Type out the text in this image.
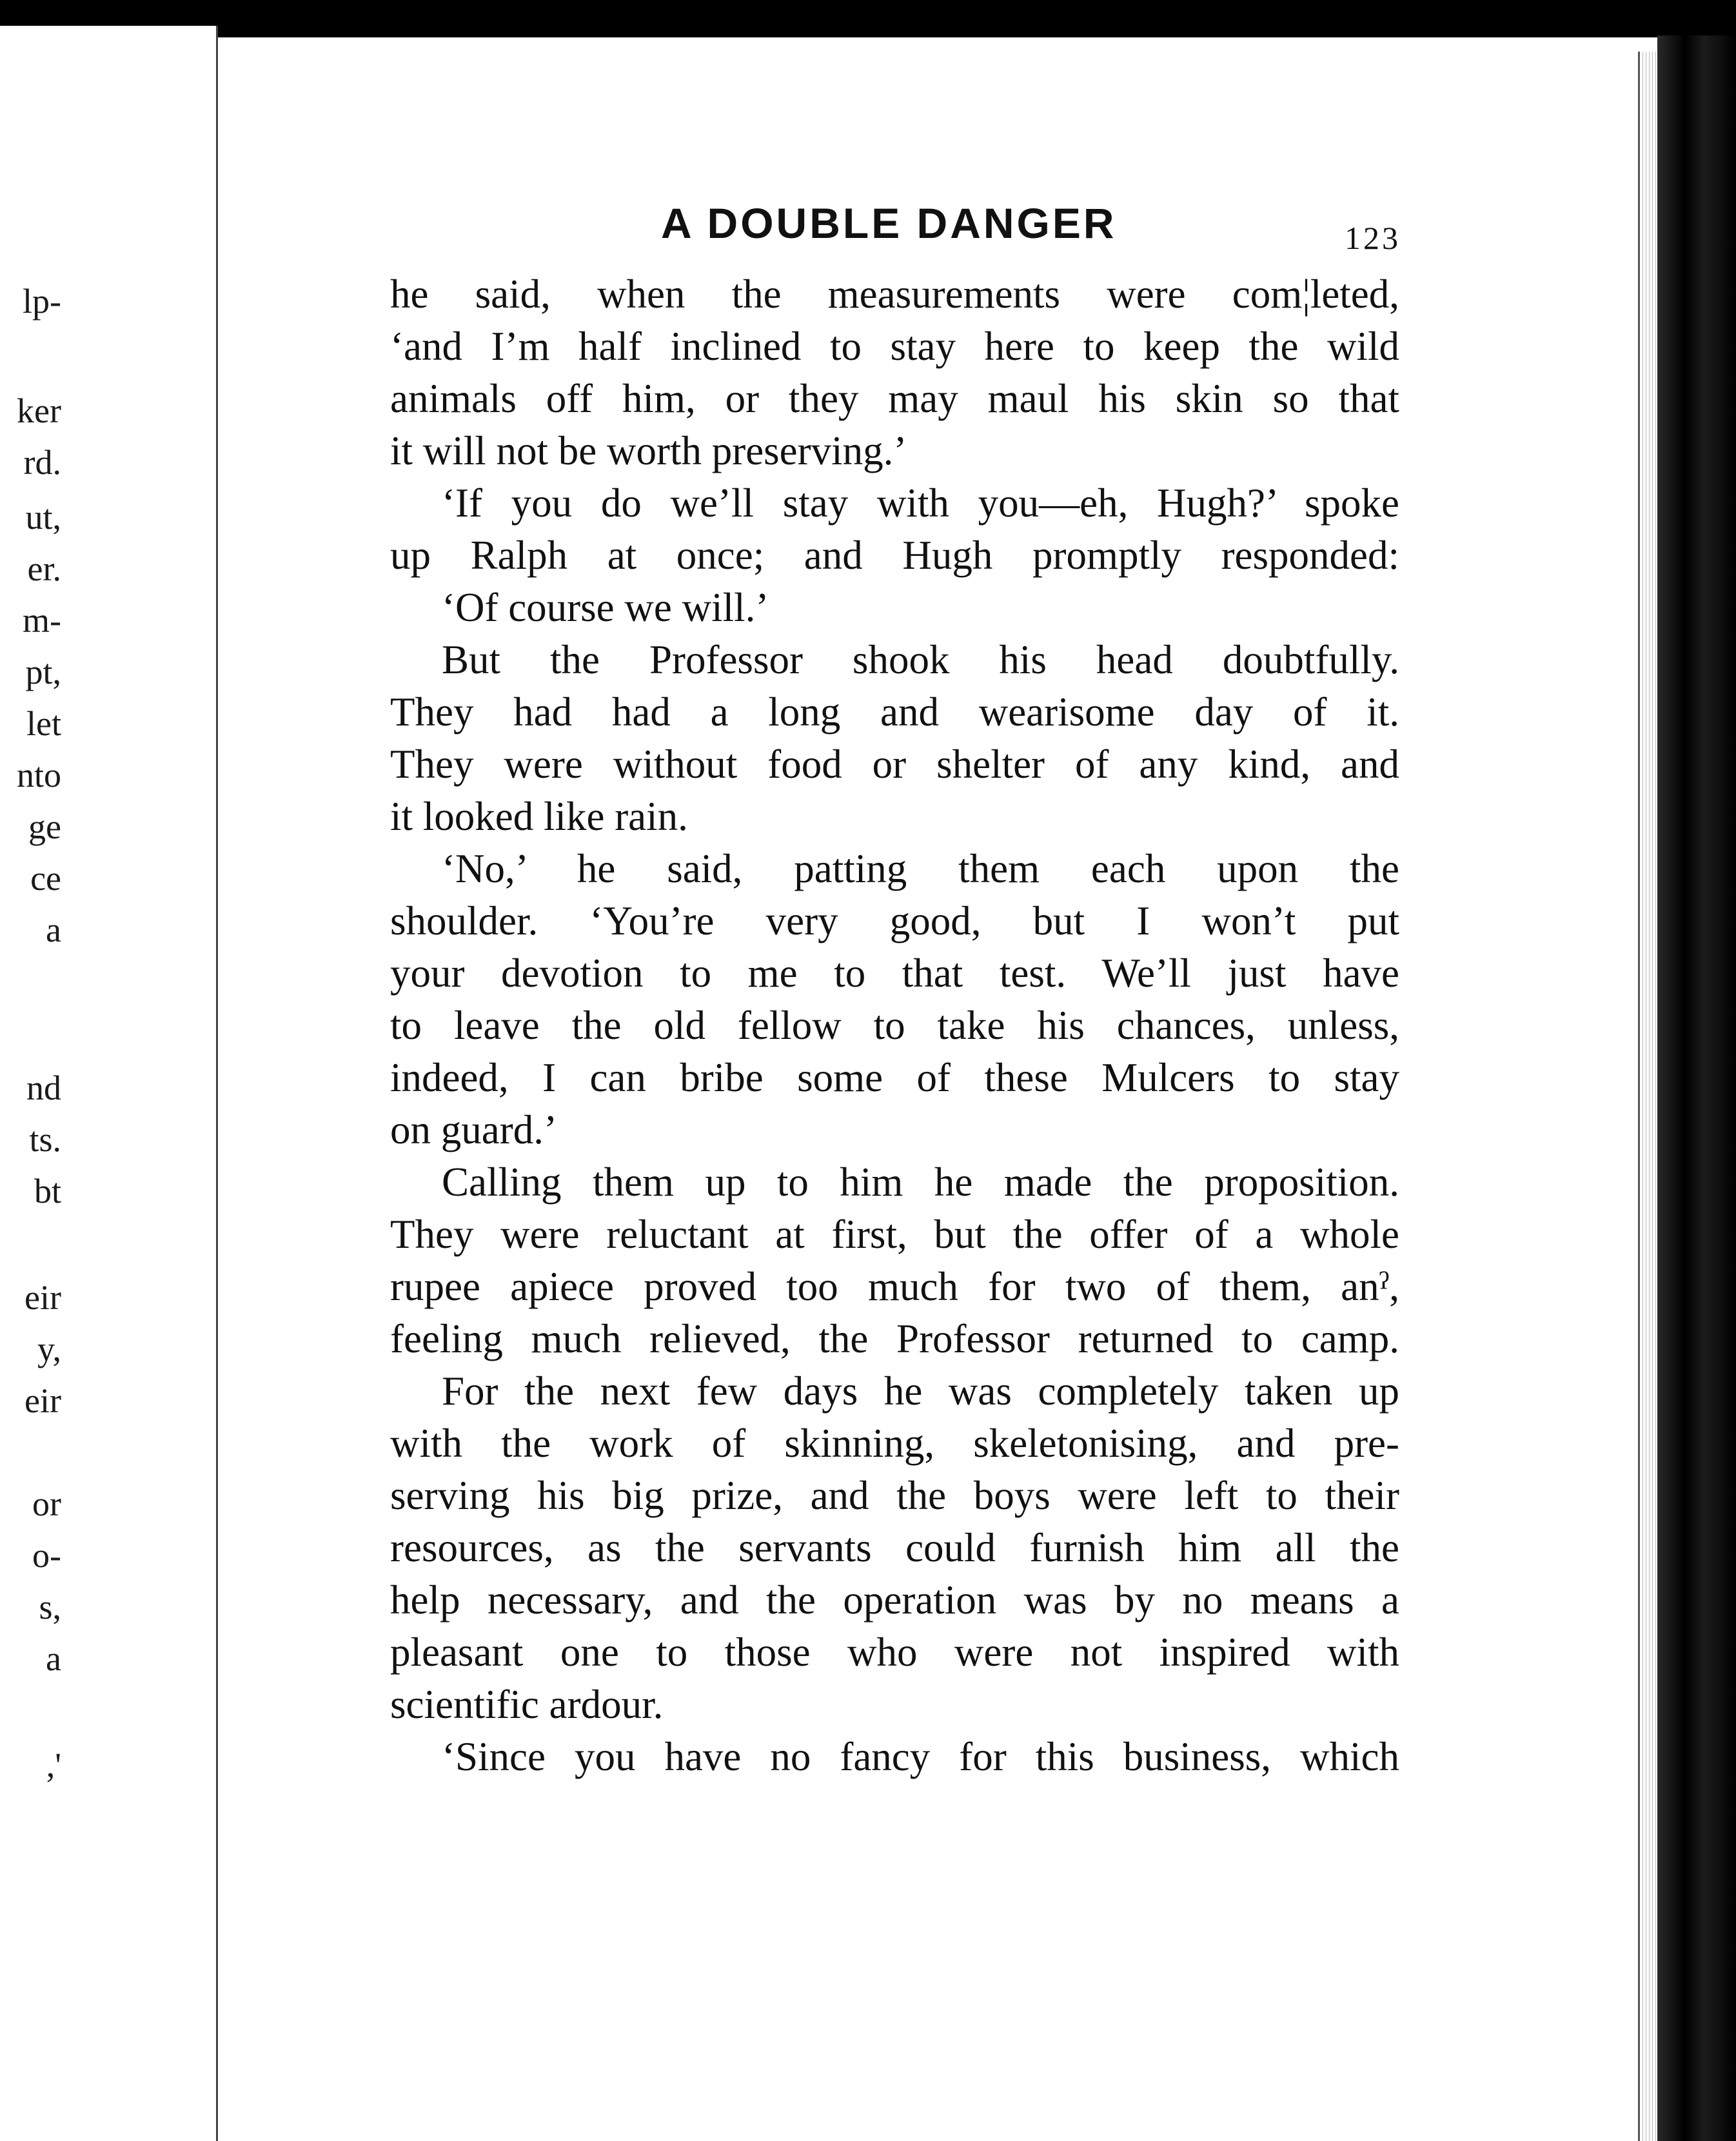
lp-
ker
rd.
ut,
er.
m-
pt,
let
nto
ge
ce
a
nd
ts.
bt
eir
y,
eir
or
o-
s,
a
,'
A DOUBLE DANGER	123
he said, when the measurements were com¦leted,
‘and I’m half inclined to stay here to keep the wild
animals off him, or they may maul his skin so that
it will not be worth preserving.’
‘If you do we’ll stay with you—eh, Hugh?’ spoke
up Ralph at once; and Hugh promptly responded:
‘Of course we will.’
But the Professor shook his head doubtfully.
They had had a long and wearisome day of it.
They were without food or shelter of any kind, and
it looked like rain.
‘No,’ he said, patting them each upon the
shoulder. ‘You’re very good, but I won’t put
your devotion to me to that test. We’ll just have
to leave the old fellow to take his chances, unless,
indeed, I can bribe some of these Mulcers to stay
on guard.’
Calling them up to him he made the proposition.
They were reluctant at first, but the offer of a whole
rupee apiece proved too much for two of them, anˀ,
feeling much relieved, the Professor returned to camp.
For the next few days he was completely taken up
with the work of skinning, skeletonising, and pre-
serving his big prize, and the boys were left to their
resources, as the servants could furnish him all the
help necessary, and the operation was by no means a
pleasant one to those who were not inspired with
scientific ardour.
‘Since you have no fancy for this business, which
